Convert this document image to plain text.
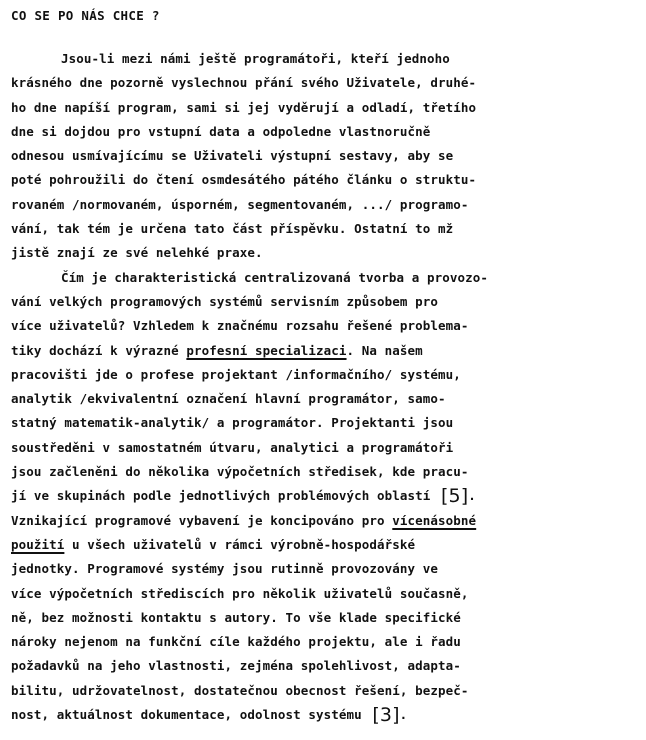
CO SE PO NÁS CHCE ?
Jsou-li mezi námi ještě programátoři, kteří jednoho
krásného dne pozorně vyslechnou přání svého Uživatele, druhé-
ho dne napíší program, sami si jej vyděrují a odladí, třetího
dne si dojdou pro vstupní data a odpoledne vlastnoručně
odnesou usmívajícímu se Uživateli výstupní sestavy, aby se
poté pohroužili do čtení osmdesátého pátého článku o struktu-
rovaném /normovaném, úsporném, segmentovaném, .../ programo-
vání, tak tém je určena tato část příspěvku. Ostatní to mž
jistě znají ze své nelehké praxe.
Čím je charakteristická centralizovaná tvorba a provozo-
vání velkých programových systémů servisním způsobem pro
více uživatelů? Vzhledem k značnému rozsahu řešené problema-
tiky dochází k výrazné profesní specializaci. Na našem
pracovišti jde o profese projektant /informačního/ systému,
analytik /ekvivalentní označení hlavní programátor, samo-
statný matematik-analytik/ a programátor. Projektanti jsou
soustředěni v samostatném útvaru, analytici a programátoři
jsou začleněni do několika výpočetních středisek, kde pracu-
jí ve skupinách podle jednotlivých problémových oblastí [5].
Vznikající programové vybavení je koncipováno pro vícenásobné
použití u všech uživatelů v rámci výrobně-hospodářské
jednotky. Programové systémy jsou rutinně provozovány ve
více výpočetních střediscích pro několik uživatelů současně,
ně, bez možnosti kontaktu s autory. To vše klade specifické
nároky nejenom na funkční cíle každého projektu, ale i řadu
požadavků na jeho vlastnosti, zejména spolehlivost, adapta-
bilitu, udržovatelnost, dostatečnou obecnost řešení, bezpeč-
nost, aktuálnost dokumentace, odolnost systému [3].
